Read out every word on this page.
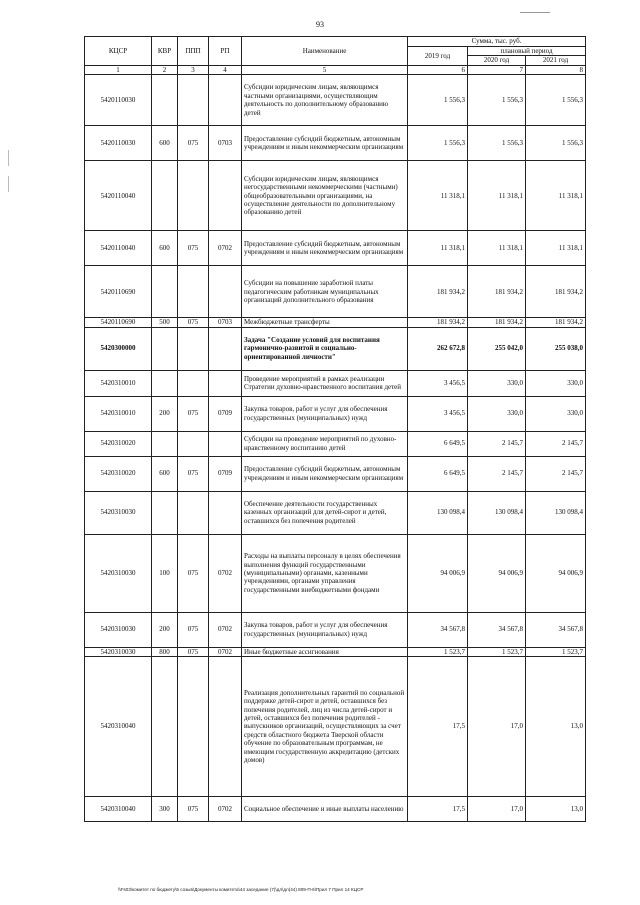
93
КЦСР	КВР	ППП	РП	Наименование	Сумма, тыс. руб.		
					2019 год	плановый период	
						2020 год	2021 год
1	2	3	4	5	6	7	8
5420110030				Субсидии юридическим лицам, являющимся частными организациями, осуществляющим деятельность по дополнительному образованию детей	1 556,3	1 556,3	1 556,3
5420110030	600	075	0703	Предоставление субсидий бюджетным, автономным учреждениям и иным некоммерческим организациям	1 556,3	1 556,3	1 556,3
5420110040				Субсидии юридическим лицам, являющимся негосударственными некоммерческими (частными) общеобразовательными организациями, на осуществление деятельности по дополнительному образованию детей	11 318,1	11 318,1	11 318,1
5420110040	600	075	0702	Предоставление субсидий бюджетным, автономным учреждениям и иным некоммерческим организациям	11 318,1	11 318,1	11 318,1
5420110690				Субсидии на повышение заработной платы педагогическим работникам муниципальных организаций дополнительного образования	181 934,2	181 934,2	181 934,2
5420110690	500	075	0703	Межбюджетные трансферты	181 934,2	181 934,2	181 934,2
5420300000				Задача "Создание условий для воспитания гармонично-развитой и социально-ориентированной личности"	262 672,8	255 042,0	255 038,0
5420310010				Проведение мероприятий в рамках реализации Стратегии духовно-нравственного воспитания детей	3 456,5	330,0	330,0
5420310010	200	075	0709	Закупка товаров, работ и услуг для обеспечения государственных (муниципальных) нужд	3 456,5	330,0	330,0
5420310020				Субсидии на проведение мероприятий по духовно-нравственному воспитанию детей	6 649,5	2 145,7	2 145,7
5420310020	600	075	0709	Предоставление субсидий бюджетным, автономным учреждениям и иным некоммерческим организациям	6 649,5	2 145,7	2 145,7
5420310030				Обеспечение деятельности государственных казенных организаций для детей-сирот и детей, оставшихся без попечения родителей	130 098,4	130 098,4	130 098,4
5420310030	100	075	0702	Расходы на выплаты персоналу в целях обеспечения выполнения функций государственными (муниципальными) органами, казенными учреждениями, органами управления государственными внебюджетными фондами	94 006,9	94 006,9	94 006,9
5420310030	200	075	0702	Закупка товаров, работ и услуг для обеспечения государственных (муниципальных) нужд	34 567,8	34 567,8	34 567,8
5420310030	800	075	0702	Иные бюджетные ассигнования	1 523,7	1 523,7	1 523,7
5420310040				Реализация дополнительных гарантий по социальной поддержке детей-сирот и детей, оставшихся без попечения родителей, лиц из числа детей-сирот и детей, оставшихся без попечения родителей - выпускников организаций, осуществляющих за счет средств областного бюджета Тверской области обучение по образовательным программам, не имеющим государственную аккредитацию (детских домов)	17,5	17,0	13,0
5420310040	300	075	0702	Социальное обеспечение и иные выплаты населению	17,5	17,0	13,0
\\Fs03\комитет по бюджету\5 созыв\Документы комитета\44 заседание (7)\дл\дл(44) 809-П-6\Прил 7 Прил 14 КЦСР
